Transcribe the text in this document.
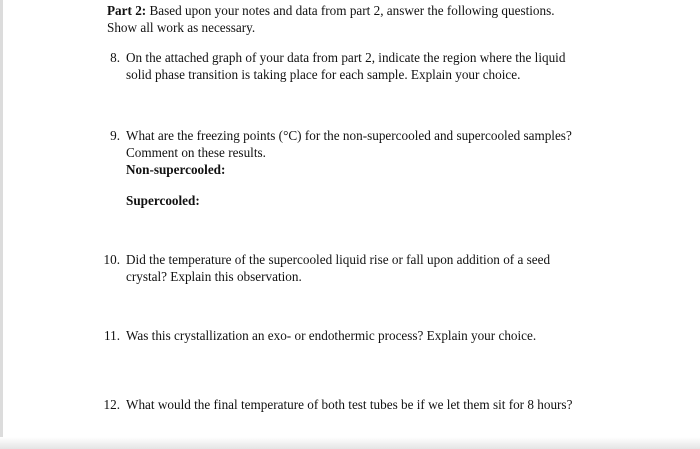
Part 2: Based upon your notes and data from part 2, answer the following questions.
Show all work as necessary.
8. On the attached graph of your data from part 2, indicate the region where the liquid

solid phase transition is taking place for each sample. Explain your choice.

9. What are the freezing points (°C) for the non-supercooled and supercooled samples?

Comment on these results.

Non-supercooled:
Supercooled:
10. Did the temperature of the supercooled liquid rise or fall upon addition of a seed

crystal? Explain this observation.

11. Was this crystallization an exo- or endothermic process? Explain your choice.

12. What would the final temperature of both test tubes be if we let them sit for 8 hours?
